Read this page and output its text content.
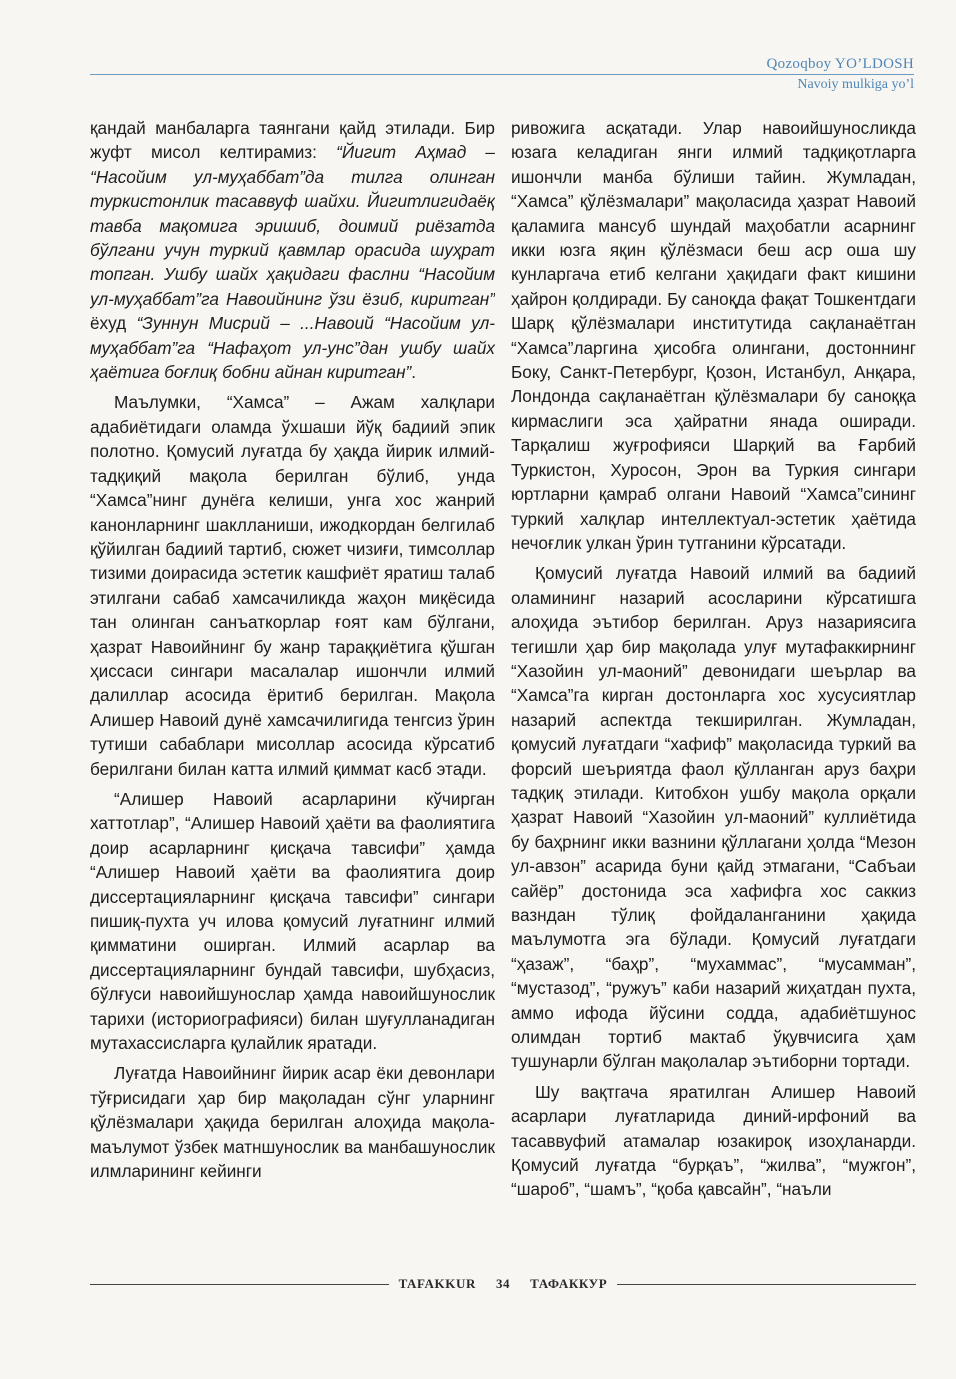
Qozoqboy YO’LDOSH
Navoiy mulkiga yo’l

қандай манбаларга таянгани қайд этилади. Бир жуфт мисол келтирамиз: “Йигит Аҳмад – “Насойим ул-муҳаббат”да тилга олинган туркистонлик тасаввуф шайхи. Йигитлигидаёқ тавба мақомига эришиб, доимий риёзатда бўлгани учун туркий қавмлар орасида шуҳрат топган. Ушбу шайх ҳақидаги фаслни “Насойим ул-муҳаббат”га Навоийнинг ўзи ёзиб, киритган” ёхуд “Зуннун Мисрий – ...Навоий “Насойим ул-муҳаббат”га “Нафаҳот ул-унс”дан ушбу шайх ҳаётига боғлиқ бобни айнан киритган”.

Маълумки, “Хамса” – Ажам халқлари адабиётидаги оламда ўхшаши йўқ бадиий эпик полотно. Қомусий луғатда бу ҳақда йирик илмий-тадқиқий мақола берилган бўлиб, унда “Хамса”нинг дунёга келиши, унга хос жанрий канонларнинг шаклланиши, ижодкордан белгилаб қўйилган бадиий тартиб, сюжет чизиғи, тимсоллар тизими доирасида эстетик кашфиёт яратиш талаб этилгани сабаб хамсачиликда жаҳон миқёсида тан олинган санъаткорлар ғоят кам бўлгани, ҳазрат Навоийнинг бу жанр тараққиётига қўшган ҳиссаси сингари масалалар ишончли илмий далиллар асосида ёритиб берилган. Мақола Алишер Навоий дунё хамсачилигида тенгсиз ўрин тутиши сабаблари мисоллар асосида кўрсатиб берилгани билан катта илмий қиммат касб этади.

“Алишер Навоий асарларини кўчирган хаттотлар”, “Алишер Навоий ҳаёти ва фаолиятига доир асарларнинг қисқача тавсифи” ҳамда “Алишер Навоий ҳаёти ва фаолиятига доир диссертацияларнинг қисқача тавсифи” сингари пишиқ-пухта уч илова қомусий луғатнинг илмий қимматини оширган. Илмий асарлар ва диссертацияларнинг бундай тавсифи, шубҳасиз, бўлғуси навоийшунослар ҳамда навоийшунослик тарихи (историографияси) билан шуғулланадиган мутахассисларга қулайлик яратади.

Луғатда Навоийнинг йирик асар ёки девонлари тўғрисидаги ҳар бир мақоладан сўнг уларнинг қўлёзмалари ҳақида берилган алоҳида мақола-маълумот ўзбек матншунослик ва манбашунослик илмларининг кейинги

ривожига асқатади. Улар навоийшуносликда юзага келадиган янги илмий тадқиқотларга ишончли манба бўлиши тайин. Жумладан, “Хамса” қўлёзмалари” мақоласида ҳазрат Навоий қаламига мансуб шундай маҳобатли асарнинг икки юзга яқин қўлёзмаси беш аср оша шу кунларгача етиб келгани ҳақидаги факт кишини ҳайрон қолдиради. Бу саноқда фақат Тошкентдаги Шарқ қўлёзмалари институтида сақланаётган “Хамса”ларгина ҳисобга олингани, достоннинг Боку, Санкт-Петербург, Қозон, Истанбул, Анқара, Лондонда сақланаётган қўлёзмалари бу саноққа кирмаслиги эса ҳайратни янада оширади. Тарқалиш жуғрофияси Шарқий ва Ғарбий Туркистон, Хуросон, Эрон ва Туркия сингари юртларни қамраб олгани Навоий “Хамса”сининг туркий халқлар интеллектуал-эстетик ҳаётида нечоғлик улкан ўрин тутганини кўрсатади.

Қомусий луғатда Навоий илмий ва бадиий оламининг назарий асосларини кўрсатишга алоҳида эътибор берилган. Аруз назариясига тегишли ҳар бир мақолада улуғ мутафаккирнинг “Хазойин ул-маоний” девонидаги шеърлар ва “Хамса”га кирган достонларга хос хусусиятлар назарий аспектда текширилган. Жумладан, қомусий луғатдаги “хафиф” мақоласида туркий ва форсий шеъриятда фаол қўлланган аруз баҳри тадқиқ этилади. Китобхон ушбу мақола орқали ҳазрат Навоий “Хазойин ул-маоний” куллиётида бу баҳрнинг икки вазнини қўллагани ҳолда “Мезон ул-авзон” асарида буни қайд этмагани, “Сабъаи сайёр” достонида эса хафифга хос саккиз вазндан тўлиқ фойдаланганини ҳақида маълумотга эга бўлади. Қомусий луғатдаги “ҳазаж”, “баҳр”, “мухаммас”, “мусамман”, “мустазод”, “ружуъ” каби назарий жиҳатдан пухта, аммо ифода йўсини содда, адабиётшунос олимдан тортиб мактаб ўқувчисига ҳам тушунарли бўлган мақолалар эътиборни тортади.

Шу вақтгача яратилган Алишер Навоий асарлари луғатларида диний-ирфоний ва тасаввуфий атамалар юзакироқ изоҳланарди. Қомусий луғатда “бурқаъ”, “жилва”, “мужгон”, “шароб”, “шамъ”, “қоба қавсайн”, “наъли

TAFAKKUR	34	ТАФАККУР
